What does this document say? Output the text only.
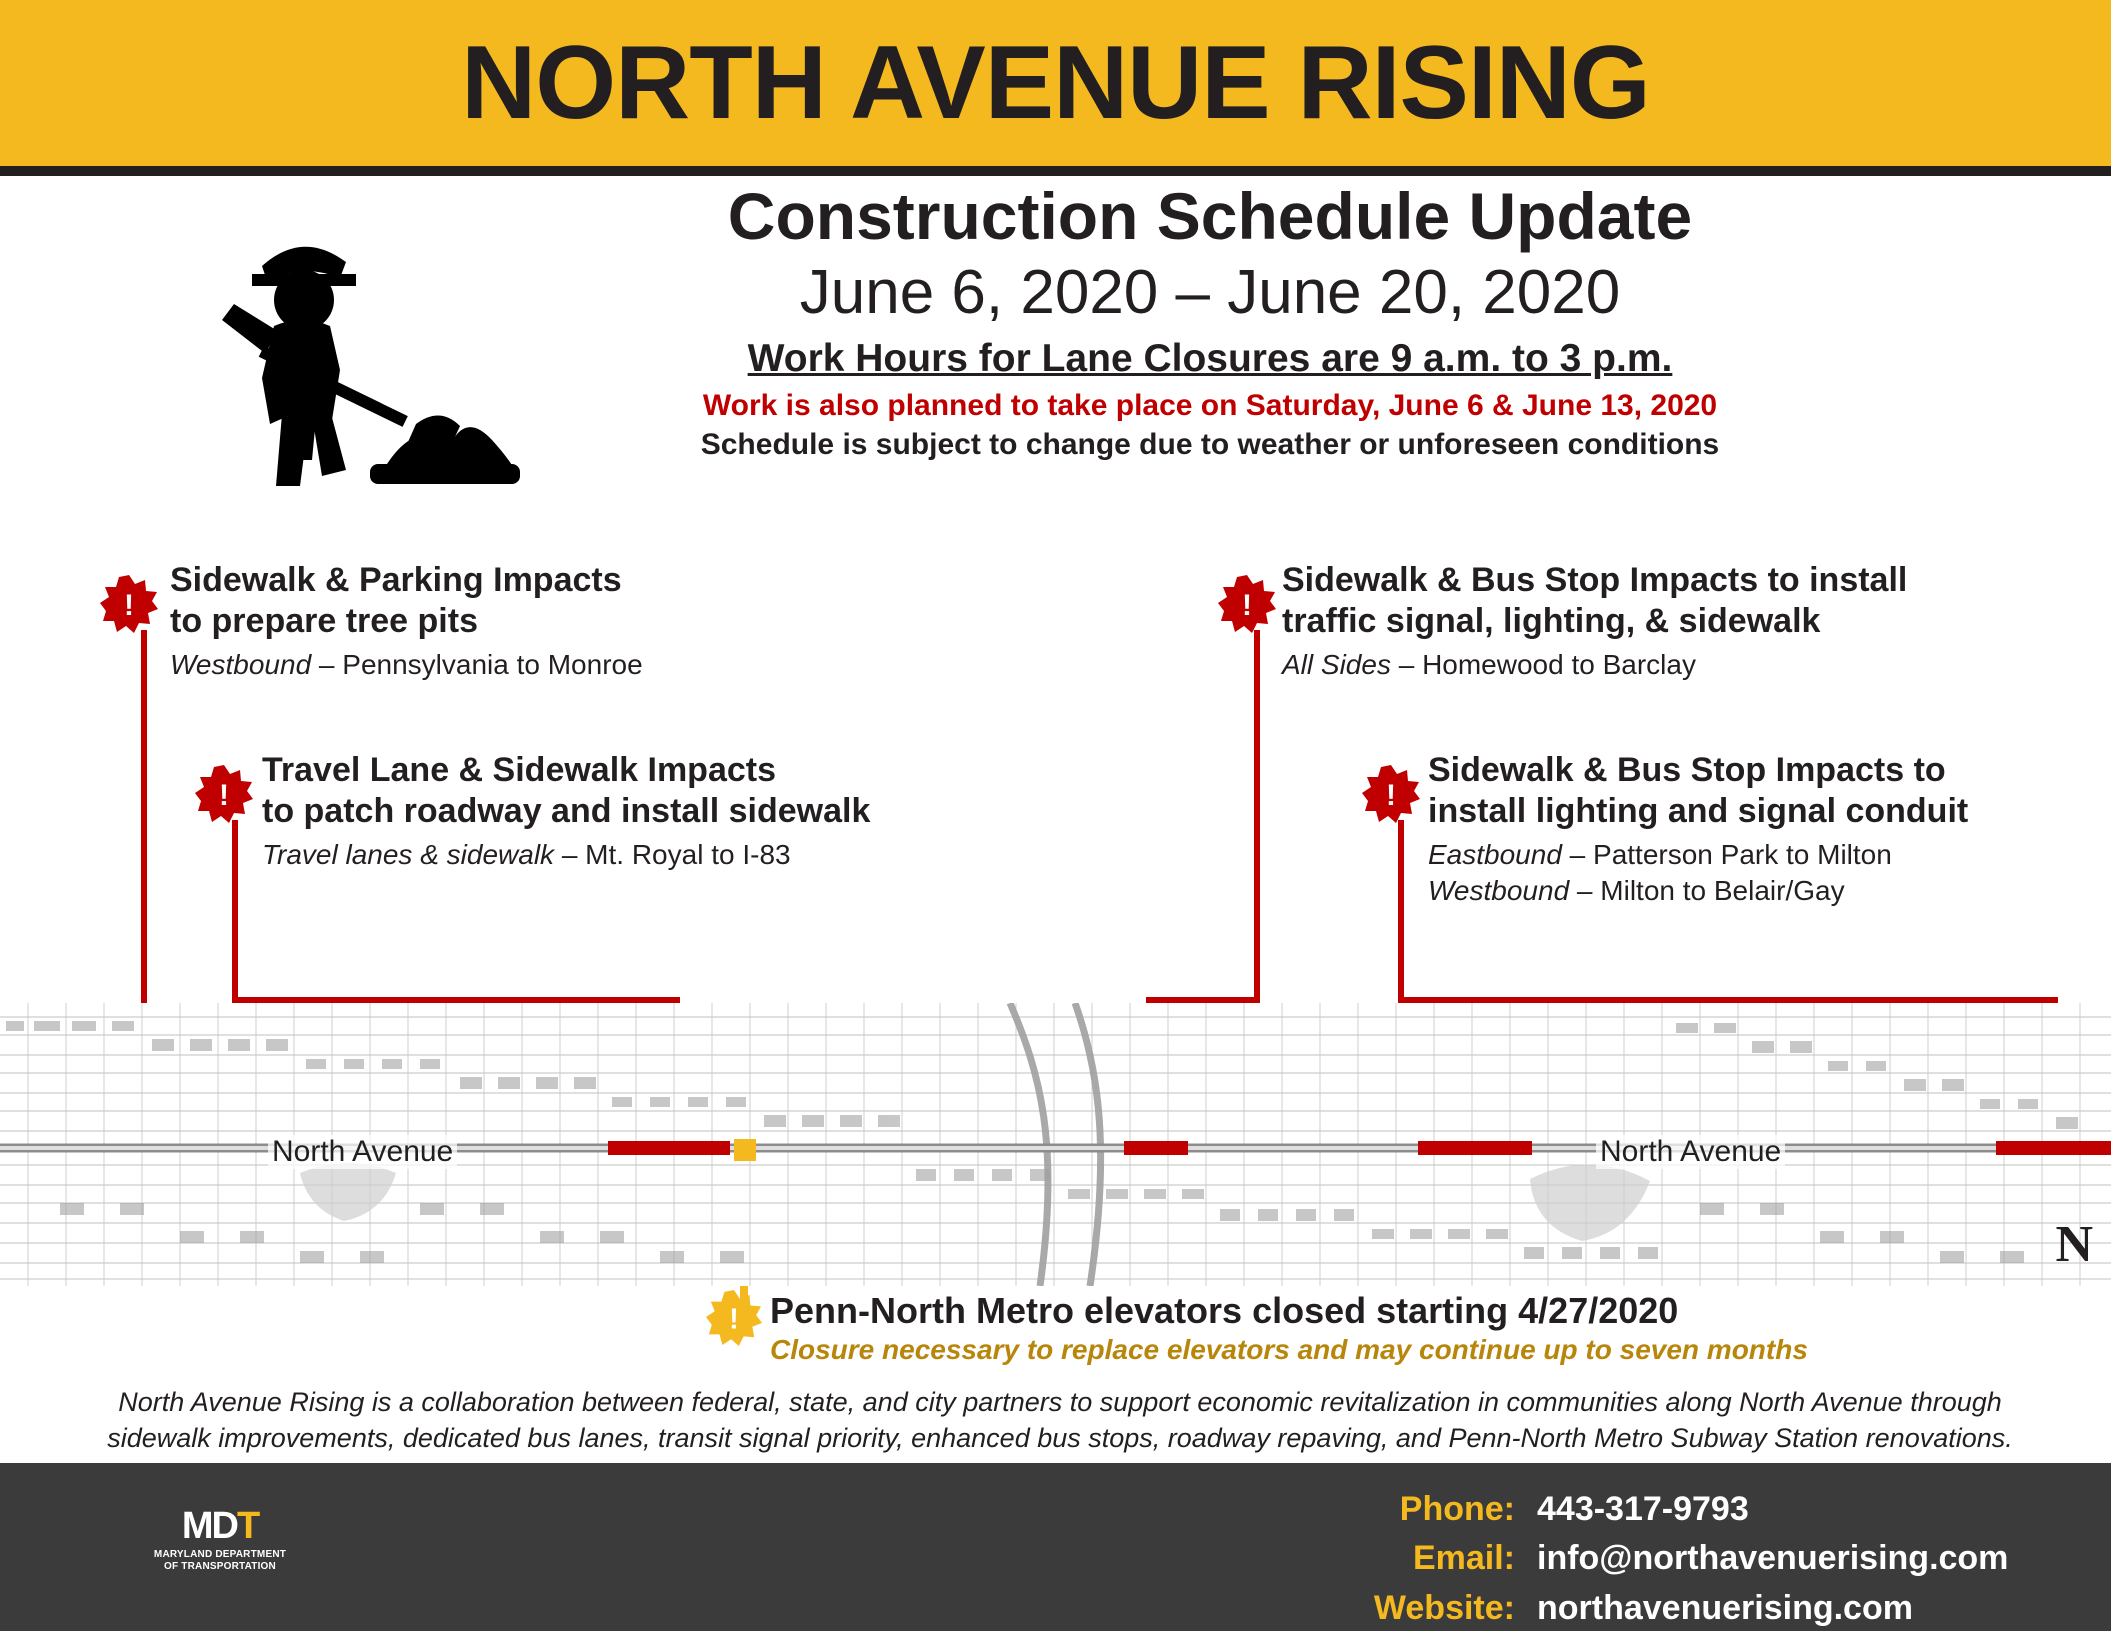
NORTH AVENUE RISING
Construction Schedule Update
June 6, 2020 – June 20, 2020
Work Hours for Lane Closures are 9 a.m. to 3 p.m.
Work is also planned to take place on Saturday, June 6 & June 13, 2020
Schedule is subject to change due to weather or unforeseen conditions
!
Sidewalk & Parking Impacts
to prepare tree pits
Westbound – Pennsylvania to Monroe
!
Travel Lane & Sidewalk Impacts
to patch roadway and install sidewalk
Travel lanes & sidewalk – Mt. Royal to I-83
!
Sidewalk & Bus Stop Impacts to install
traffic signal, lighting, & sidewalk
All Sides – Homewood to Barclay
!
Sidewalk & Bus Stop Impacts to
install lighting and signal conduit
Eastbound – Patterson Park to Milton
Westbound – Milton to Belair/Gay
North Avenue	North Avenue
N
! Penn-North Metro elevators closed starting 4/27/2020
Closure necessary to replace elevators and may continue up to seven months
North Avenue Rising is a collaboration between federal, state, and city partners to support economic revitalization in communities along North Avenue through
sidewalk improvements, dedicated bus lanes, transit signal priority, enhanced bus stops, roadway repaving, and Penn-North Metro Subway Station renovations.
MDT
MARYLAND DEPARTMENT
OF TRANSPORTATION
Phone: 443-317-9793
Email: info@northavenuerising.com
Website: northavenuerising.com
